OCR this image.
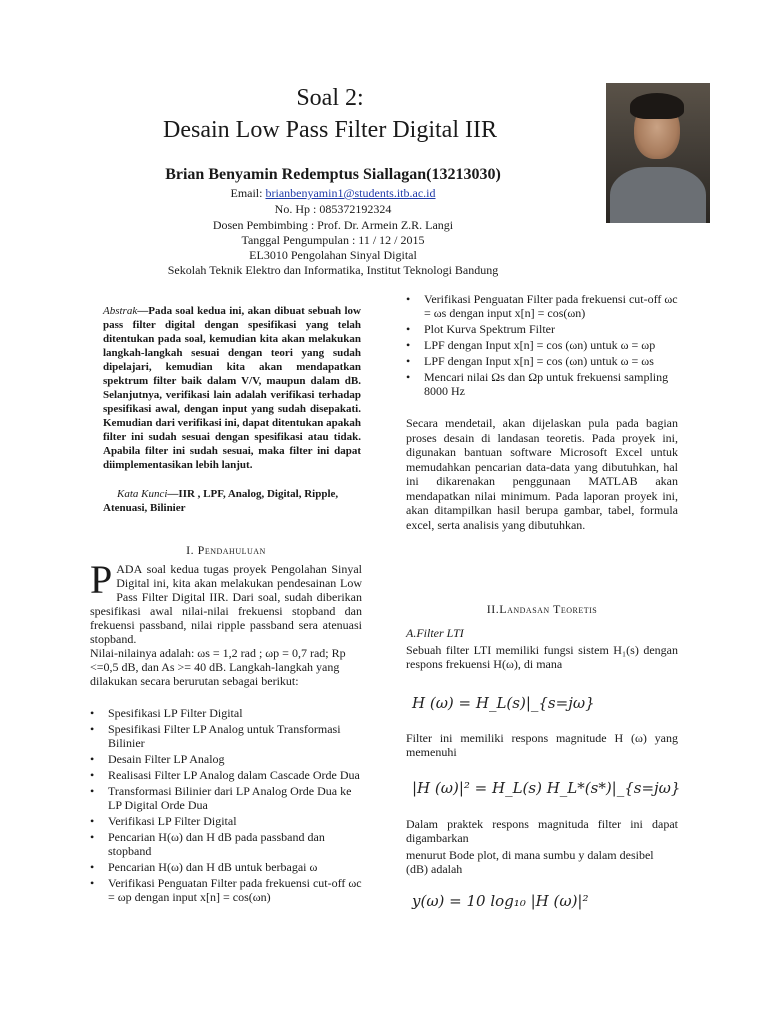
Soal 2:
Desain Low Pass Filter Digital IIR
Brian Benyamin Redemptus Siallagan(13213030)
Email: brianbenyamin1@students.itb.ac.id
No. Hp : 085372192324
Dosen Pembimbing : Prof. Dr. Armein Z.R. Langi
Tanggal Pengumpulan : 11 / 12 / 2015
EL3010 Pengolahan Sinyal Digital
Sekolah Teknik Elektro dan Informatika, Institut Teknologi Bandung
Abstrak—Pada soal kedua ini, akan dibuat sebuah low pass filter digital dengan spesifikasi yang telah ditentukan pada soal, kemudian kita akan melakukan langkah-langkah sesuai dengan teori yang sudah dipelajari, kemudian kita akan mendapatkan spektrum filter baik dalam V/V, maupun dalam dB. Selanjutnya, verifikasi lain adalah verifikasi terhadap spesifikasi awal, dengan input yang sudah disepakati. Kemudian dari verifikasi ini, dapat ditentukan apakah filter ini sudah sesuai dengan spesifikasi atau tidak. Apabila filter ini sudah sesuai, maka filter ini dapat diimplementasikan lebih lanjut.
Kata Kunci—IIR , LPF, Analog, Digital, Ripple, Atenuasi, Bilinier
I. Pendahuluan

PADA soal kedua tugas proyek Pengolahan Sinyal Digital ini, kita akan melakukan pendesainan Low Pass Filter Digital IIR. Dari soal, sudah diberikan spesifikasi awal nilai-nilai frekuensi stopband dan frekuensi passband, nilai ripple passband sera atenuasi stopband.

Nilai-nilainya adalah: ωs = 1,2 rad ; ωp = 0,7 rad; Rp <=0,5 dB, dan As >= 40 dB. Langkah-langkah yang dilakukan secara berurutan sebagai berikut:

• Spesifikasi LP Filter Digital
• Spesifikasi Filter LP Analog untuk Transformasi Bilinier
• Desain Filter LP Analog
• Realisasi Filter LP Analog dalam Cascade Orde Dua
• Transformasi Bilinier dari LP Analog Orde Dua ke LP Digital Orde Dua
• Verifikasi LP Filter Digital
• Pencarian H(ω) dan H dB pada passband dan stopband
• Pencarian H(ω) dan H dB untuk berbagai ω
• Verifikasi Penguatan Filter pada frekuensi cut-off ωc = ωp dengan input x[n] = cos(ωn)
• Verifikasi Penguatan Filter pada frekuensi cut-off ωc = ωs dengan input x[n] = cos(ωn)
• Plot Kurva Spektrum Filter
• LPF dengan Input x[n] = cos (ωn) untuk ω = ωp
• LPF dengan Input x[n] = cos (ωn) untuk ω = ωs
• Mencari nilai Ωs dan Ωp untuk frekuensi sampling 8000 Hz
Secara mendetail, akan dijelaskan pula pada bagian proses desain di landasan teoretis. Pada proyek ini, digunakan bantuan software Microsoft Excel untuk memudahkan pencarian data-data yang dibutuhkan, hal ini dikarenakan penggunaan MATLAB akan mendapatkan nilai minimum. Pada laporan proyek ini, akan ditampilkan hasil berupa gambar, tabel, formula excel, serta analisis yang dibutuhkan.
II.Landasan Teoretis
A.Filter LTI
Sebuah filter LTI memiliki fungsi sistem H₁(s) dengan respons frekuensi H(ω), di mana
H (ω) = H_L(s)|_{s=jω}
Filter ini memiliki respons magnitude H (ω) yang memenuhi
|H (ω)|² = H_L(s) H_L*(s*)|_{s=jω}
Dalam praktek respons magnituda filter ini dapat digambarkan
menurut Bode plot, di mana sumbu y dalam desibel (dB) adalah
y(ω) = 10 log₁₀ |H (ω)|²
